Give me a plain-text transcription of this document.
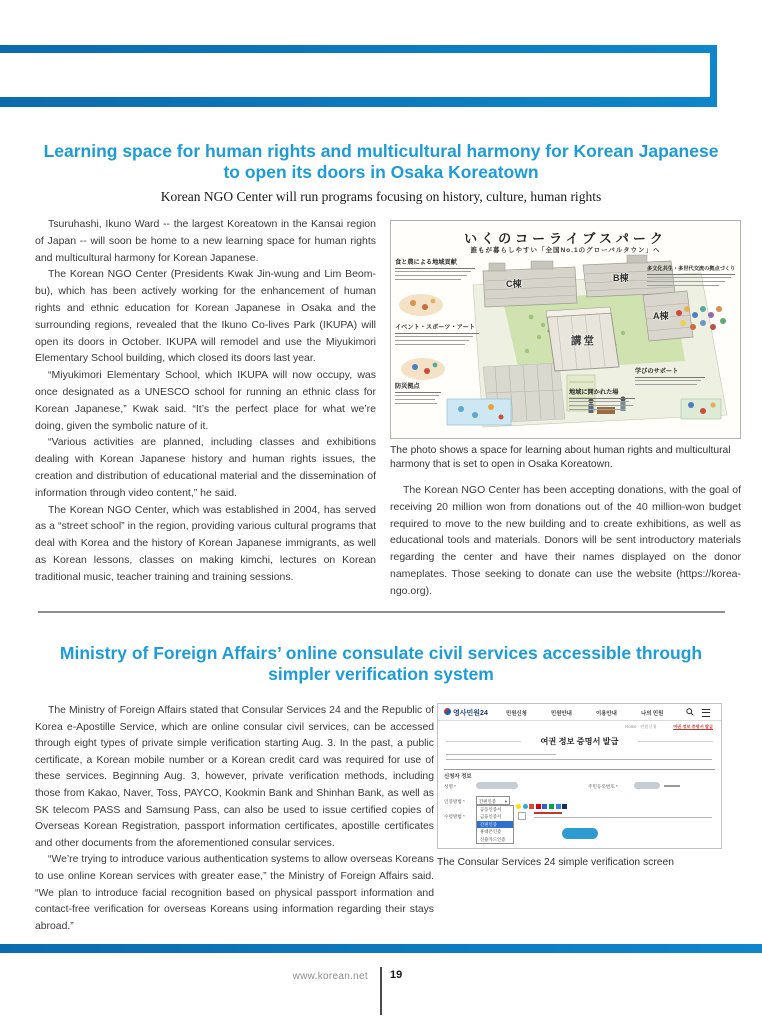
Learning space for human rights and multicultural harmony for Korean Japanese to open its doors in Osaka Koreatown
Korean NGO Center will run programs focusing on history, culture, human rights

Tsuruhashi, Ikuno Ward -- the largest Koreatown in the Kansai region of Japan -- will soon be home to a new learning space for human rights and multicultural harmony for Korean Japanese.

The Korean NGO Center (Presidents Kwak Jin-wung and Lim Beom-bu), which has been actively working for the enhancement of human rights and ethnic education for Korean Japanese in Osaka and the surrounding regions, revealed that the Ikuno Co-lives Park (IKUPA) will open its doors in October. IKUPA will remodel and use the Miyukimori Elementary School building, which closed its doors last year.

“Miyukimori Elementary School, which IKUPA will now occupy, was once designated as a UNESCO school for running an ethnic class for Korean Japanese,” Kwak said. “It’s the perfect place for what we’re doing, given the symbolic nature of it.

“Various activities are planned, including classes and exhibitions dealing with Korean Japanese history and human rights issues, the creation and distribution of educational material and the dissemination of information through video content,” he said.

The Korean NGO Center, which was established in 2004, has served as a “street school” in the region, providing various cultural programs that deal with Korea and the history of Korean Japanese immigrants, as well as Korean lessons, classes on making kimchi, lectures on Korean traditional music, teacher training and training sessions.

いくのコーライブスパーク
誰もが暮らしやすい「全国No.1のグローバルタウン」へ
C棟
B棟
A棟
講堂
食と農による地域貢献
イベント・スポーツ・アート
防災拠点
多文化共生・多世代交流の拠点づくり
学びのサポート
地域に開かれた場
The photo shows a space for learning about human rights and multicultural harmony that is set to open in Osaka Koreatown.

The Korean NGO Center has been accepting donations, with the goal of receiving 20 million won from donations out of the 40 million-won budget required to move to the new building and to create exhibitions, as well as educational tools and materials. Donors will be sent introductory materials regarding the center and have their names displayed on the donor nameplates. Those seeking to donate can use the website (https://korea-ngo.org).

Ministry of Foreign Affairs’ online consulate civil services accessible through simpler verification system

The Ministry of Foreign Affairs stated that Consular Services 24 and the Republic of Korea e-Apostille Service, which are online consular civil services, can be accessed through eight types of private simple verification starting Aug. 3. In the past, a public certificate, a Korean mobile number or a Korean credit card was required for use of these services. Beginning Aug. 3, however, private verification methods, including those from Kakao, Naver, Toss, PAYCO, Kookmin Bank and Shinhan Bank, as well as SK telecom PASS and Samsung Pass, can also be used to issue certified copies of Overseas Korean Registration, passport information certificates, apostille certificates and other documents from the aforementioned consular services.

“We’re trying to introduce various authentication systems to allow overseas Koreans to use online Korean services with greater ease,” the Ministry of Foreign Affairs said. “We plan to introduce facial recognition based on physical passport information and contact-free verification for overseas Koreans using information regarding their stays abroad.”

영사민원24	민원신청	민원안내	이용안내	나의 민원
Home · 민원신청 ·	여권 정보 증명서 발급
여권 정보 증명서 발급
신청자 정보
성명 *	주민등록번호 *
인증방법 *	간편인증 ▼
수령방법 *
공동인증서
금융인증서
간편인증
휴대폰인증
신용카드인증
The Consular Services 24 simple verification screen
www.korean.net 19
